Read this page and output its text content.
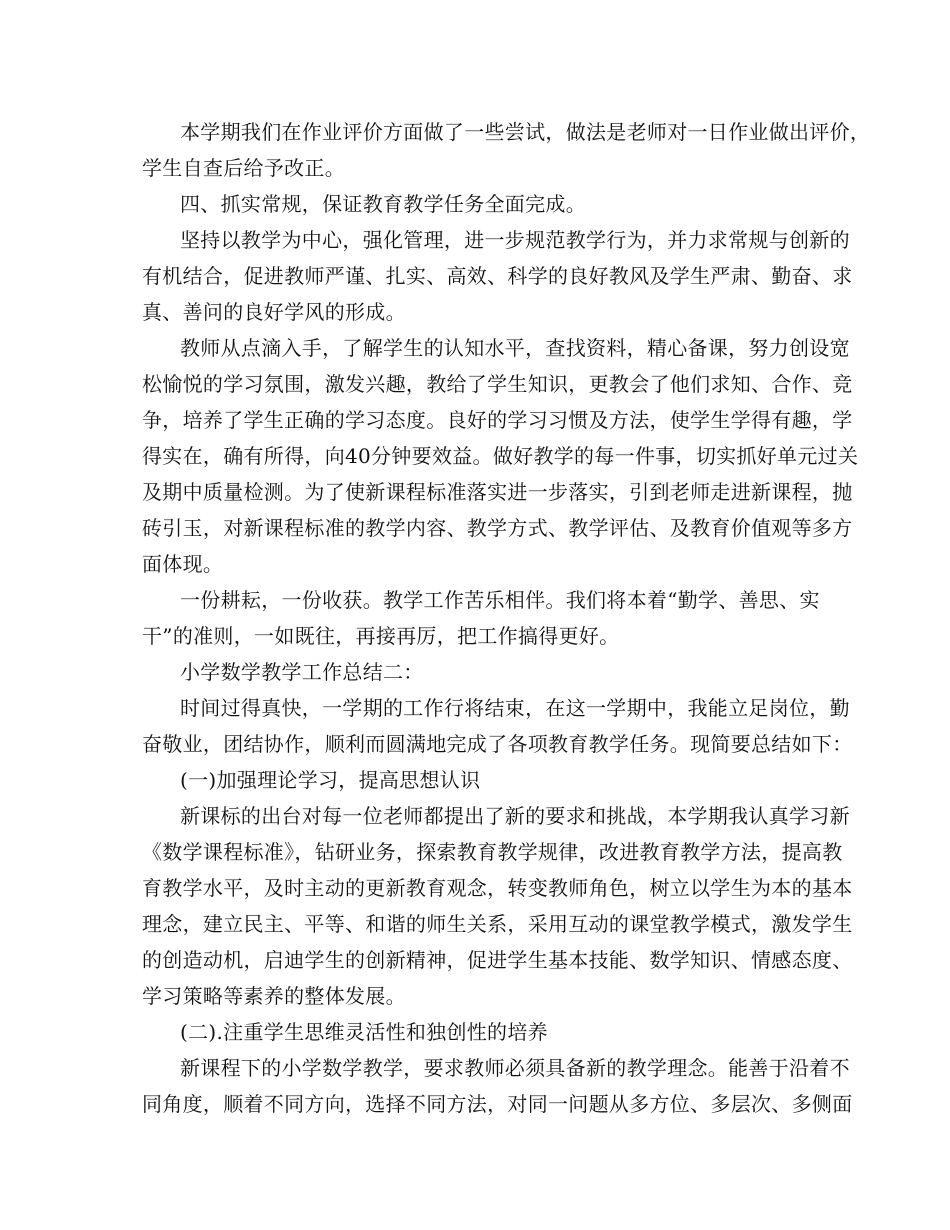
本学期我们在作业评价方面做了一些尝试，做法是老师对一日作业做出评价，
学生自查后给予改正。
四、抓实常规，保证教育教学任务全面完成。
坚持以教学为中心，强化管理，进一步规范教学行为，并力求常规与创新的
有机结合，促进教师严谨、扎实、高效、科学的良好教风及学生严肃、勤奋、求
真、善问的良好学风的形成。
教师从点滴入手，了解学生的认知水平，查找资料，精心备课，努力创设宽
松愉悦的学习氛围，激发兴趣，教给了学生知识，更教会了他们求知、合作、竞
争，培养了学生正确的学习态度。良好的学习习惯及方法，使学生学得有趣，学
得实在，确有所得，向40分钟要效益。做好教学的每一件事，切实抓好单元过关
及期中质量检测。为了使新课程标准落实进一步落实，引到老师走进新课程，抛
砖引玉，对新课程标准的教学内容、教学方式、教学评估、及教育价值观等多方
面体现。
一份耕耘，一份收获。教学工作苦乐相伴。我们将本着“勤学、善思、实
干”的准则，一如既往，再接再厉，把工作搞得更好。
小学数学教学工作总结二：
时间过得真快，一学期的工作行将结束，在这一学期中，我能立足岗位，勤
奋敬业，团结协作，顺利而圆满地完成了各项教育教学任务。现简要总结如下：
(一)加强理论学习，提高思想认识
新课标的出台对每一位老师都提出了新的要求和挑战，本学期我认真学习新
《数学课程标准》，钻研业务，探索教育教学规律，改进教育教学方法，提高教
育教学水平，及时主动的更新教育观念，转变教师角色，树立以学生为本的基本
理念，建立民主、平等、和谐的师生关系，采用互动的课堂教学模式，激发学生
的创造动机，启迪学生的创新精神，促进学生基本技能、数学知识、情感态度、
学习策略等素养的整体发展。
(二).注重学生思维灵活性和独创性的培养
新课程下的小学数学教学，要求教师必须具备新的教学理念。能善于沿着不
同角度，顺着不同方向，选择不同方法，对同一问题从多方位、多层次、多侧面
